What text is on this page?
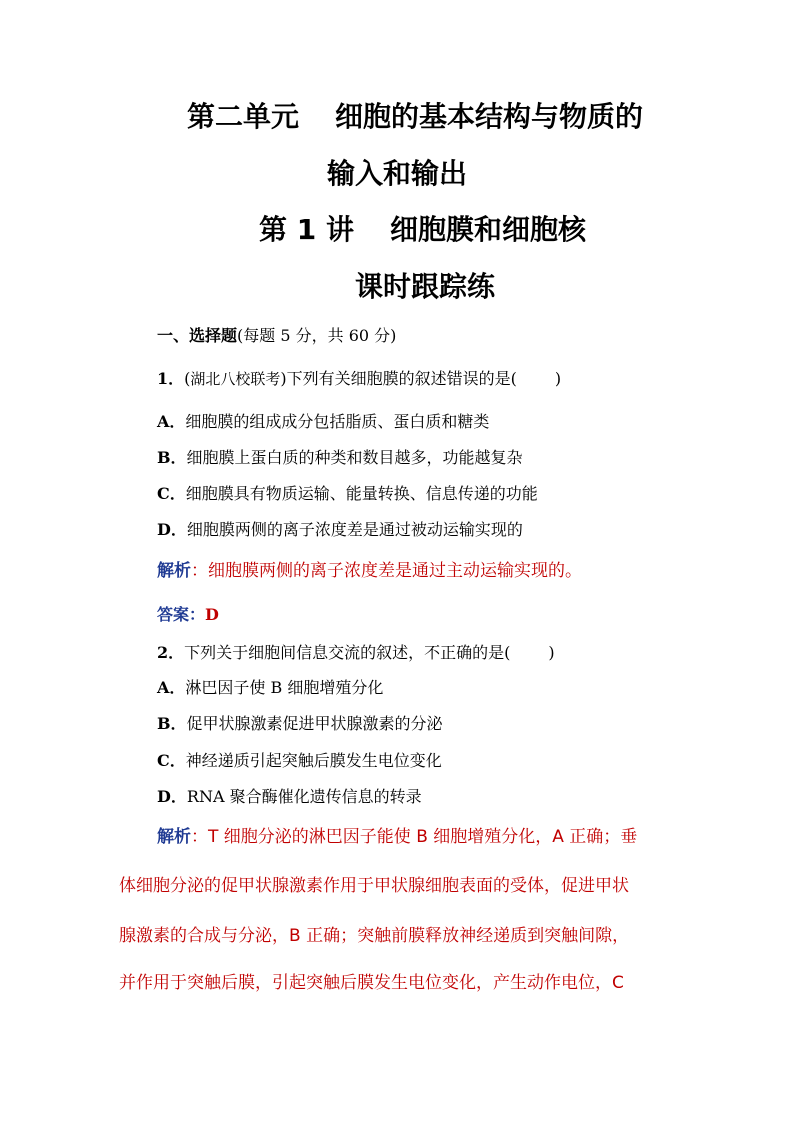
第二单元 细胞的基本结构与物质的
输入和输出
第 1 讲 细胞膜和细胞核
课时跟踪练
一、选择题(每题 5 分，共 60 分)
1．(湖北八校联考)下列有关细胞膜的叙述错误的是( )
A．细胞膜的组成成分包括脂质、蛋白质和糖类
B．细胞膜上蛋白质的种类和数目越多，功能越复杂
C．细胞膜具有物质运输、能量转换、信息传递的功能
D．细胞膜两侧的离子浓度差是通过被动运输实现的
解析：细胞膜两侧的离子浓度差是通过主动运输实现的。
答案：D
2．下列关于细胞间信息交流的叙述，不正确的是( )
A．淋巴因子使 B 细胞增殖分化
B．促甲状腺激素促进甲状腺激素的分泌
C．神经递质引起突触后膜发生电位变化
D．RNA 聚合酶催化遗传信息的转录
解析：T 细胞分泌的淋巴因子能使 B 细胞增殖分化，A 正确；垂
体细胞分泌的促甲状腺激素作用于甲状腺细胞表面的受体，促进甲状
腺激素的合成与分泌，B 正确；突触前膜释放神经递质到突触间隙，
并作用于突触后膜，引起突触后膜发生电位变化，产生动作电位，C
